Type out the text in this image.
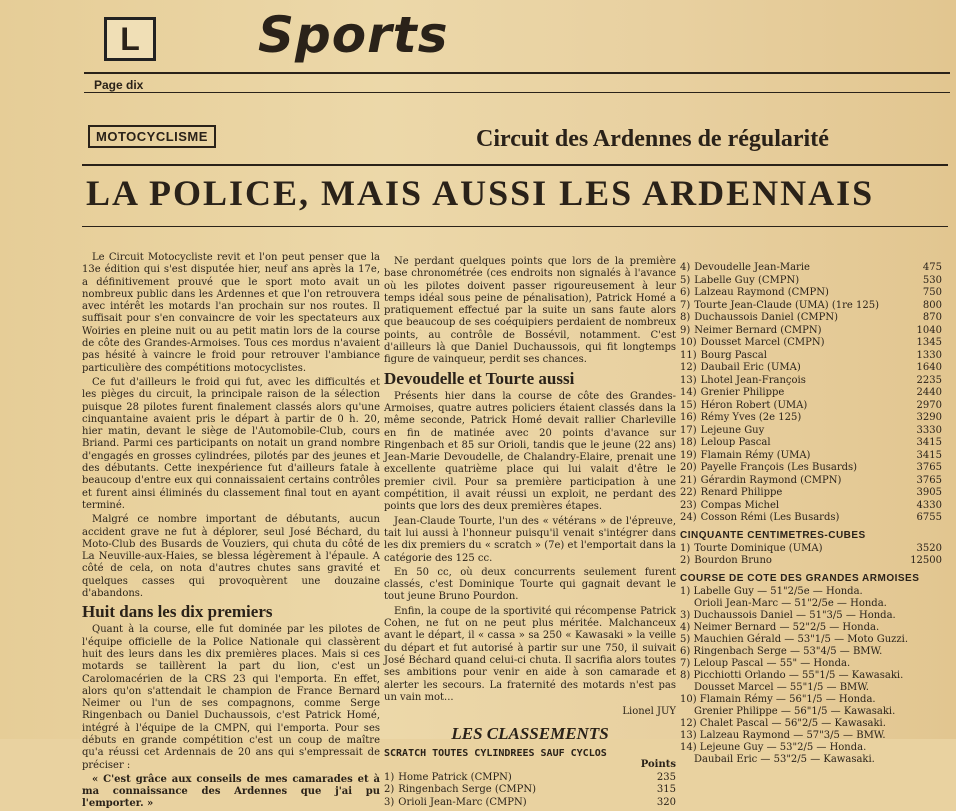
L Sports
Page dix
MOTOCYCLISME	Circuit des Ardennes de régularité
LA POLICE, MAIS AUSSI LES ARDENNAIS

Le Circuit Motocycliste revit et l'on peut penser que la 13e édition qui s'est disputée hier, neuf ans après la 17e, a définitivement prouvé que le sport moto avait un nombreux public dans les Ardennes et que l'on retrouvera avec intérêt les motards l'an prochain sur nos routes. Il suffisait pour s'en convaincre de voir les spectateurs aux Woiries en pleine nuit ou au petit matin lors de la course de côte des Grandes-Armoises. Tous ces mordus n'avaient pas hésité à vaincre le froid pour retrouver l'ambiance particulière des compétitions motocyclistes.

Ce fut d'ailleurs le froid qui fut, avec les difficultés et les pièges du circuit, la principale raison de la sélection puisque 28 pilotes furent finalement classés alors qu'une cinquantaine avaient pris le départ à partir de 0 h. 20, hier matin, devant le siège de l'Automobile-Club, cours Briand. Parmi ces participants on notait un grand nombre d'engagés en grosses cylindrées, pilotés par des jeunes et des débutants. Cette inexpérience fut d'ailleurs fatale à beaucoup d'entre eux qui connaissaient certains contrôles et furent ainsi éliminés du classement final tout en ayant terminé.

Malgré ce nombre important de débutants, aucun accident grave ne fut à déplorer, seul José Béchard, du Moto-Club des Busards de Vouziers, qui chuta du côté de La Neuville-aux-Haies, se blessa légèrement à l'épaule. A côté de cela, on nota d'autres chutes sans gravité et quelques casses qui provoquèrent une douzaine d'abandons.

Huit dans les dix premiers

Quant à la course, elle fut dominée par les pilotes de l'équipe officielle de la Police Nationale qui classèrent huit des leurs dans les dix premières places. Mais si ces motards se taillèrent la part du lion, c'est un Carolomacérien de la CRS 23 qui l'emporta. En effet, alors qu'on s'attendait le champion de France Bernard Neimer ou l'un de ses compagnons, comme Serge Ringenbach ou Daniel Duchaussois, c'est Patrick Homé, intégré à l'équipe de la CMPN, qui l'emporta. Pour ses débuts en grande compétition c'est un coup de maître qu'a réussi cet Ardennais de 20 ans qui s'empressait de préciser :

« C'est grâce aux conseils de mes camarades et à ma connaissance des Ardennes que j'ai pu l'emporter. »

Ne perdant quelques points que lors de la première base chronométrée (ces endroits non signalés à l'avance où les pilotes doivent passer rigoureusement à leur temps idéal sous peine de pénalisation), Patrick Homé a pratiquement effectué par la suite un sans faute alors que beaucoup de ses coéquipiers perdaient de nombreux points, au contrôle de Bossévil, notamment. C'est d'ailleurs là que Daniel Duchaussois, qui fit longtemps figure de vainqueur, perdit ses chances.

Devoudelle et Tourte aussi

Présents hier dans la course de côte des Grandes-Armoises, quatre autres policiers étaient classés dans la même seconde, Patrick Homé devait rallier Charleville en fin de matinée avec 20 points d'avance sur Ringenbach et 85 sur Orioli, tandis que le jeune (22 ans) Jean-Marie Devoudelle, de Chalandry-Elaire, prenait une excellente quatrième place qui lui valait d'être le premier civil. Pour sa première participation à une compétition, il avait réussi un exploit, ne perdant des points que lors des deux premières étapes.

Jean-Claude Tourte, l'un des « vétérans » de l'épreuve, tait lui aussi à l'honneur puisqu'il venait s'intégrer dans les dix premiers du « scratch » (7e) et l'emportait dans la catégorie des 125 cc.

En 50 cc, où deux concurrents seulement furent classés, c'est Dominique Tourte qui gagnait devant le tout jeune Bruno Pourdon.

Enfin, la coupe de la sportivité qui récompense Patrick Cohen, ne fut on ne peut plus méritée. Malchanceux avant le départ, il « cassa » sa 250 « Kawasaki » la veille du départ et fut autorisé à partir sur une 750, il suivait José Béchard quand celui-ci chuta. Il sacrifia alors toutes ses ambitions pour venir en aide à son camarade et alerter les secours. La fraternité des motards n'est pas un vain mot...

Lionel JUY

LES CLASSEMENTS
SCRATCH TOUTES CYLINDREES SAUF CYCLOS
Points
1) Home Patrick (CMPN)	235
2) Ringenbach Serge (CMPN)	315
3) Orioli Jean-Marc (CMPN)	320
4) Devoudelle Jean-Marie	475
5) Labelle Guy (CMPN)	530
6) Lalzeau Raymond (CMPN)	750
7) Tourte Jean-Claude (UMA) (1re 125)	800
8) Duchaussois Daniel (CMPN)	870
9) Neimer Bernard (CMPN)	1040
10) Dousset Marcel (CMPN)	1345
11) Bourg Pascal	1330
12) Daubail Eric (UMA)	1640
13) Lhotel Jean-François	2235
14) Grenier Philippe	2440
15) Héron Robert (UMA)	2970
16) Rémy Yves (2e 125)	3290
17) Lejeune Guy	3330
18) Leloup Pascal	3415
19) Flamain Rémy (UMA)	3415
20) Payelle François (Les Busards)	3765
21) Gérardin Raymond (CMPN)	3765
22) Renard Philippe	3905
23) Compas Michel	4330
24) Cosson Rémi (Les Busards)	6755
CINQUANTE CENTIMETRES-CUBES
1) Tourte Dominique (UMA)	3520
2) Bourdon Bruno	12500
COURSE DE COTE DES GRANDES ARMOISES
1) Labelle Guy — 51"2/5e — Honda.
Orioli Jean-Marc — 51"2/5e — Honda.
3) Duchaussois Daniel — 51"3/5 — Honda.
4) Neimer Bernard — 52"2/5 — Honda.
5) Mauchien Gérald — 53"1/5 — Moto Guzzi.
6) Ringenbach Serge — 53"4/5 — BMW.
7) Leloup Pascal — 55" — Honda.
8) Picchiotti Orlando — 55"1/5 — Kawasaki.
Dousset Marcel — 55"1/5 — BMW.
10) Flamain Rémy — 56"1/5 — Honda.
Grenier Philippe — 56"1/5 — Kawasaki.
12) Chalet Pascal — 56"2/5 — Kawasaki.
13) Lalzeau Raymond — 57"3/5 — BMW.
14) Lejeune Guy — 53"2/5 — Honda.
Daubail Eric — 53"2/5 — Kawasaki.
